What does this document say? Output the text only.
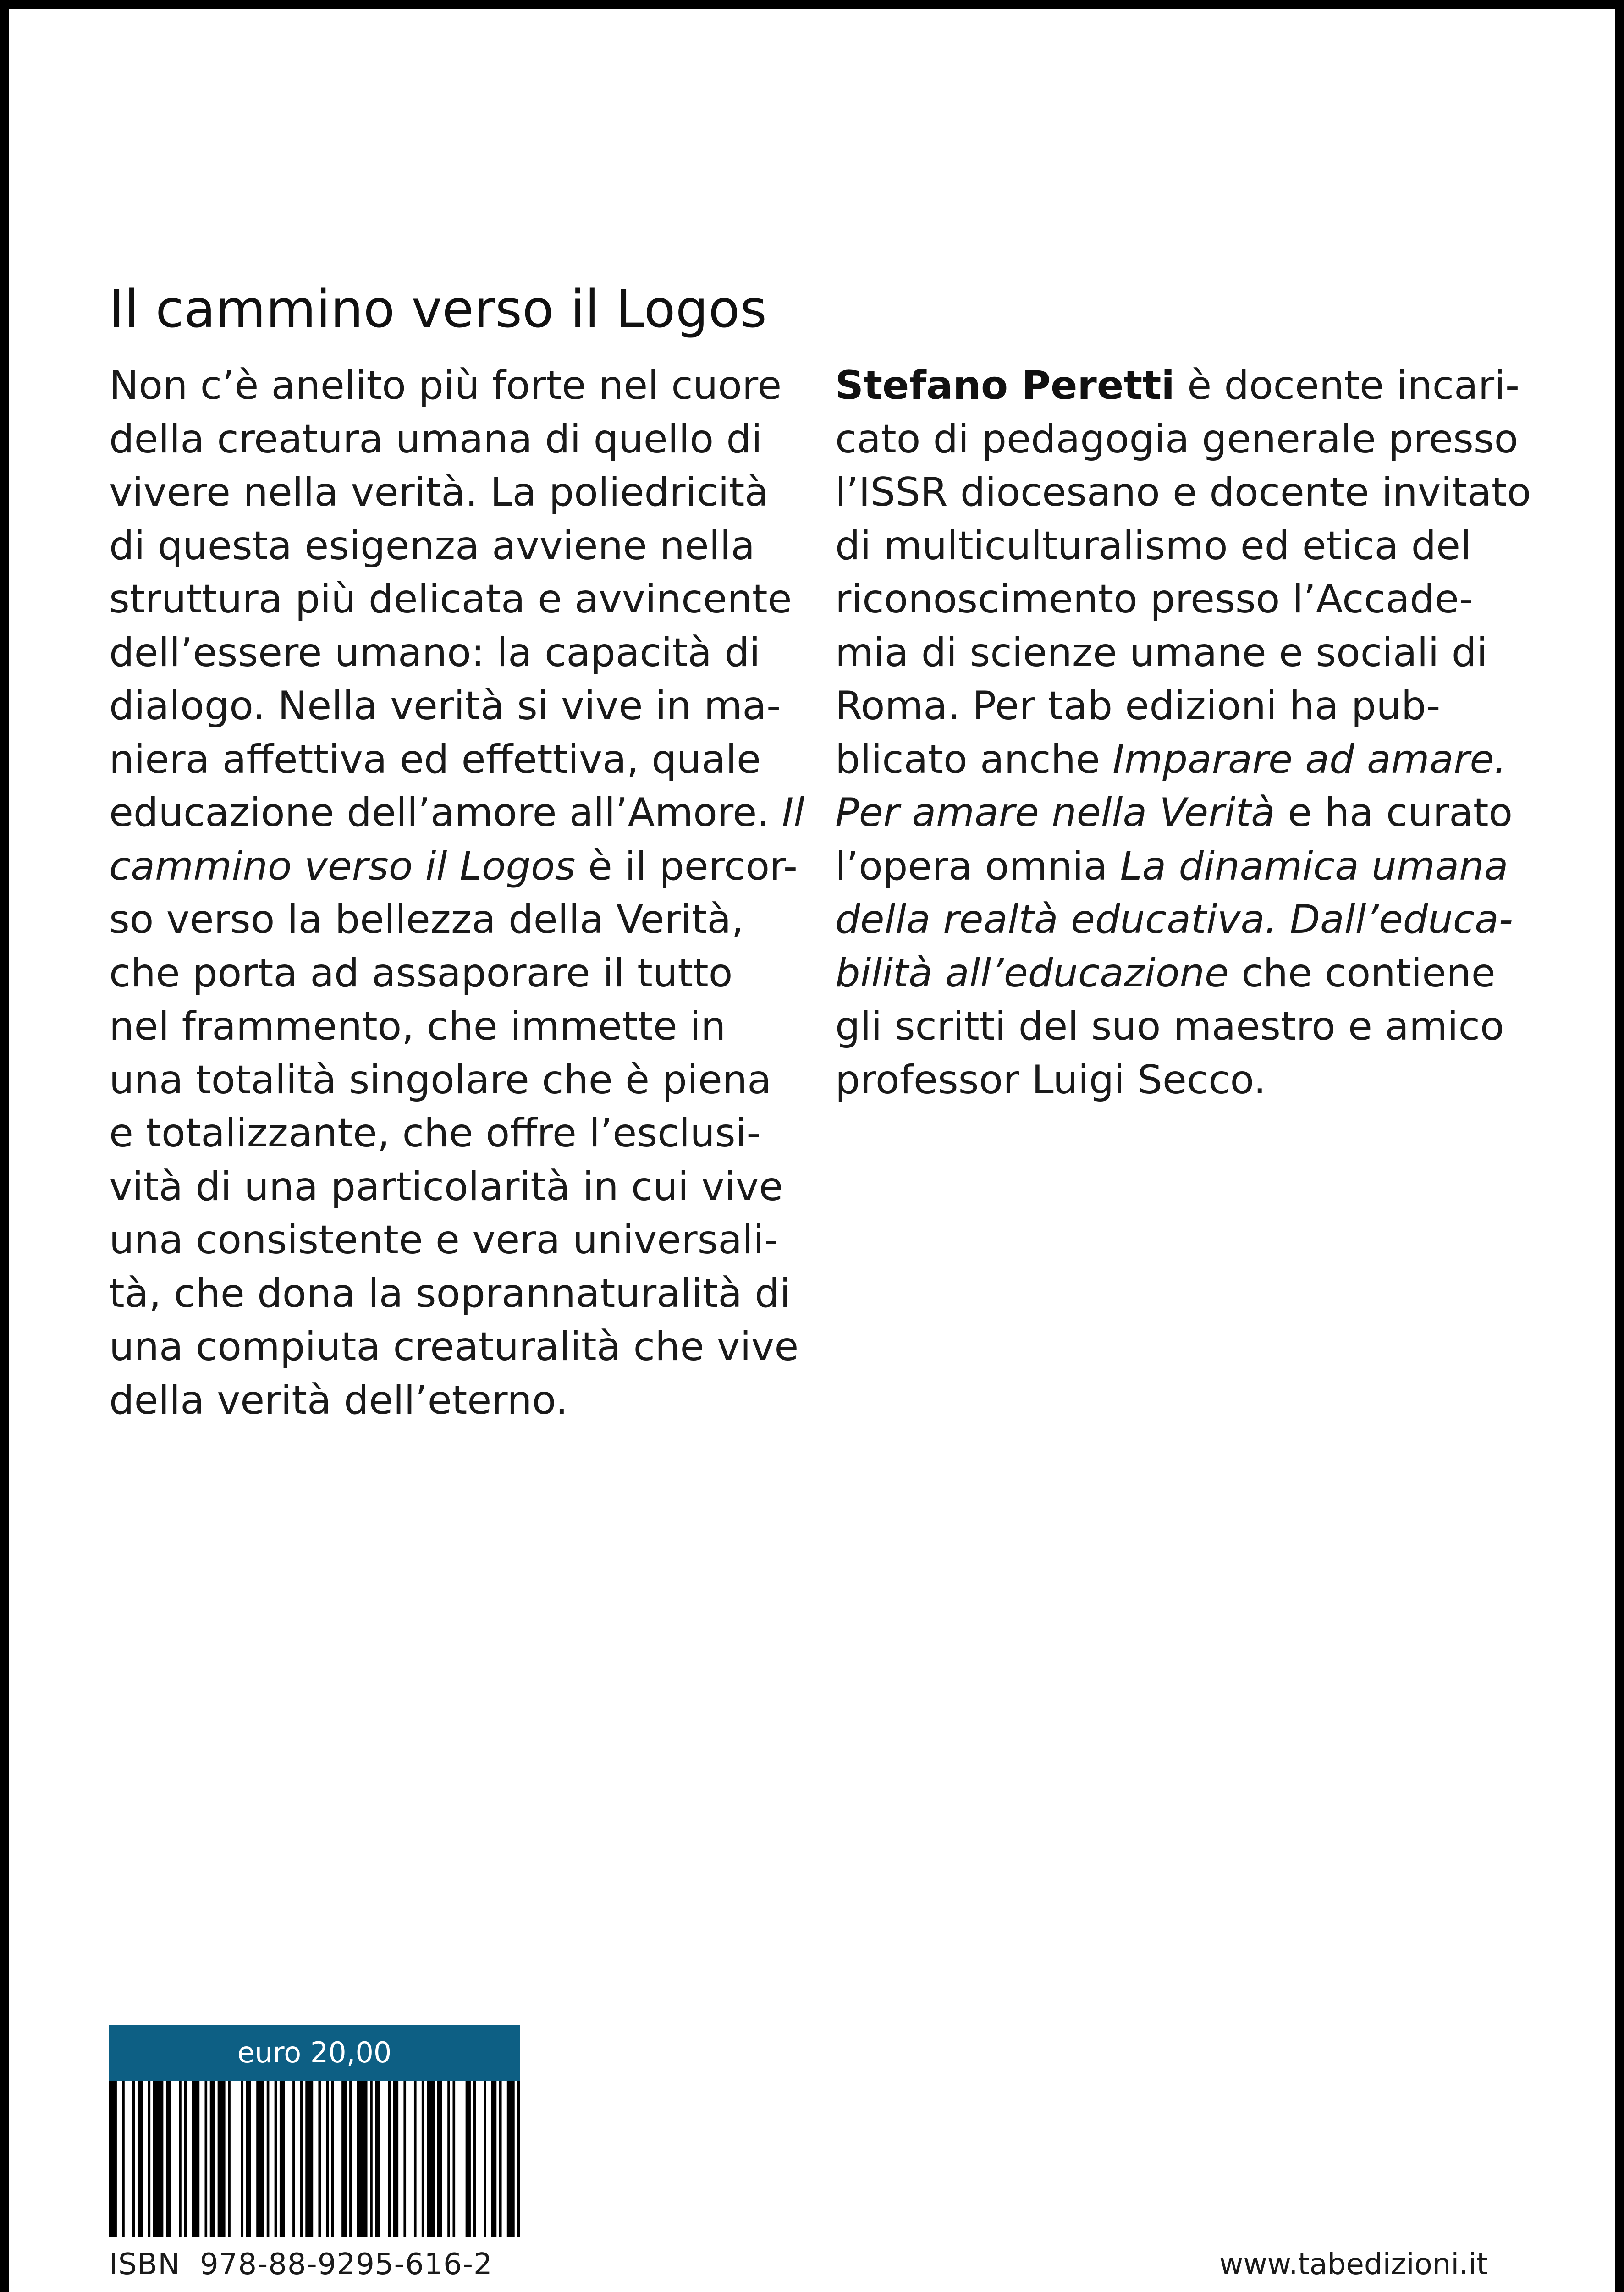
Il cammino verso il Logos
Non c’è anelito più forte nel cuore
della creatura umana di quello di
vivere nella verità. La poliedricità
di questa esigenza avviene nella
struttura più delicata e avvincente
dell’essere umano: la capacità di
dialogo. Nella verità si vive in ma-
niera affettiva ed effettiva, quale
educazione dell’amore all’Amore. Il
cammino verso il Logos è il percor-
so verso la bellezza della Verità,
che porta ad assaporare il tutto
nel frammento, che immette in
una totalità singolare che è piena
e totalizzante, che offre l’esclusi-
vità di una particolarità in cui vive
una consistente e vera universali-
tà, che dona la soprannaturalità di
una compiuta creaturalità che vive
della verità dell’eterno.
Stefano Peretti è docente incari-
cato di pedagogia generale presso
l’ISSR diocesano e docente invitato
di multiculturalismo ed etica del
riconoscimento presso l’Accade-
mia di scienze umane e sociali di
Roma. Per tab edizioni ha pub-
blicato anche Imparare ad amare.
Per amare nella Verità e ha curato
l’opera omnia La dinamica umana
della realtà educativa. Dall’educa-
bilità all’educazione che contiene
gli scritti del suo maestro e amico
professor Luigi Secco.
euro 20,00
ISBN  978-88-9295-616-2	www.tabedizioni.it
